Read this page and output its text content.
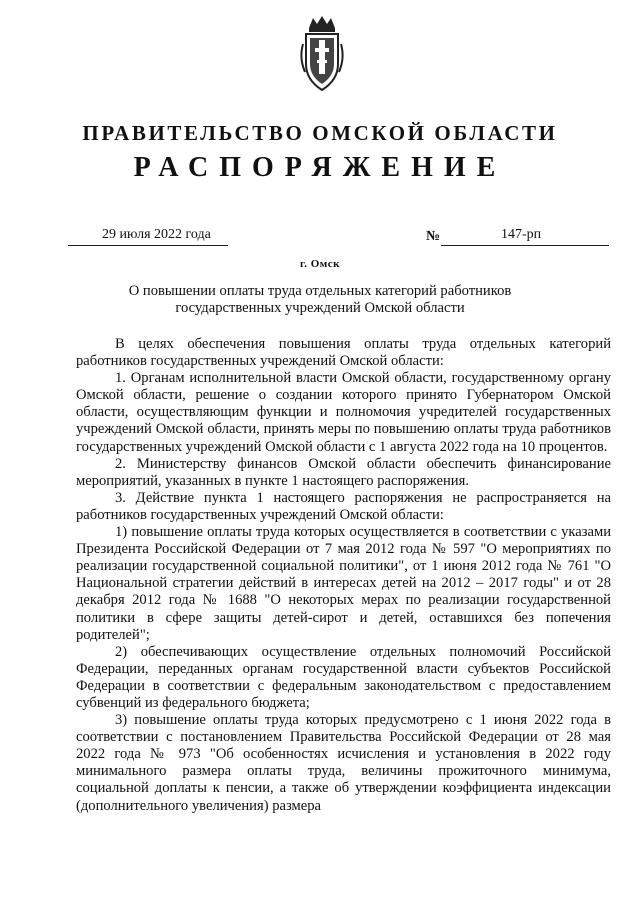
ПРАВИТЕЛЬСТВО ОМСКОЙ ОБЛАСТИ
РАСПОРЯЖЕНИЕ
29 июля 2022 года	№	147-рп
г. Омск
О повышении оплаты труда отдельных категорий работников государственных учреждений Омской области

В целях обеспечения повышения оплаты труда отдельных категорий работников государственных учреждений Омской области:

1. Органам исполнительной власти Омской области, государственному органу Омской области, решение о создании которого принято Губернатором Омской области, осуществляющим функции и полномочия учредителей государственных учреждений Омской области, принять меры по повышению оплаты труда работников государственных учреждений Омской области с 1 августа 2022 года на 10 процентов.

2. Министерству финансов Омской области обеспечить финансирование мероприятий, указанных в пункте 1 настоящего распоряжения.

3. Действие пункта 1 настоящего распоряжения не распространяется на работников государственных учреждений Омской области:

1) повышение оплаты труда которых осуществляется в соответствии с указами Президента Российской Федерации от 7 мая 2012 года № 597 "О мероприятиях по реализации государственной социальной политики", от 1 июня 2012 года № 761 "О Национальной стратегии действий в интересах детей на 2012 – 2017 годы" и от 28 декабря 2012 года № 1688 "О некоторых мерах по реализации государственной политики в сфере защиты детей-сирот и детей, оставшихся без попечения родителей";

2) обеспечивающих осуществление отдельных полномочий Российской Федерации, переданных органам государственной власти субъектов Российской Федерации в соответствии с федеральным законодательством с предоставлением субвенций из федерального бюджета;

3) повышение оплаты труда которых предусмотрено с 1 июня 2022 года в соответствии с постановлением Правительства Российской Федерации от 28 мая 2022 года № 973 "Об особенностях исчисления и установления в 2022 году минимального размера оплаты труда, величины прожиточного минимума, социальной доплаты к пенсии, а также об утверждении коэффициента индексации (дополнительного увеличения) размера
